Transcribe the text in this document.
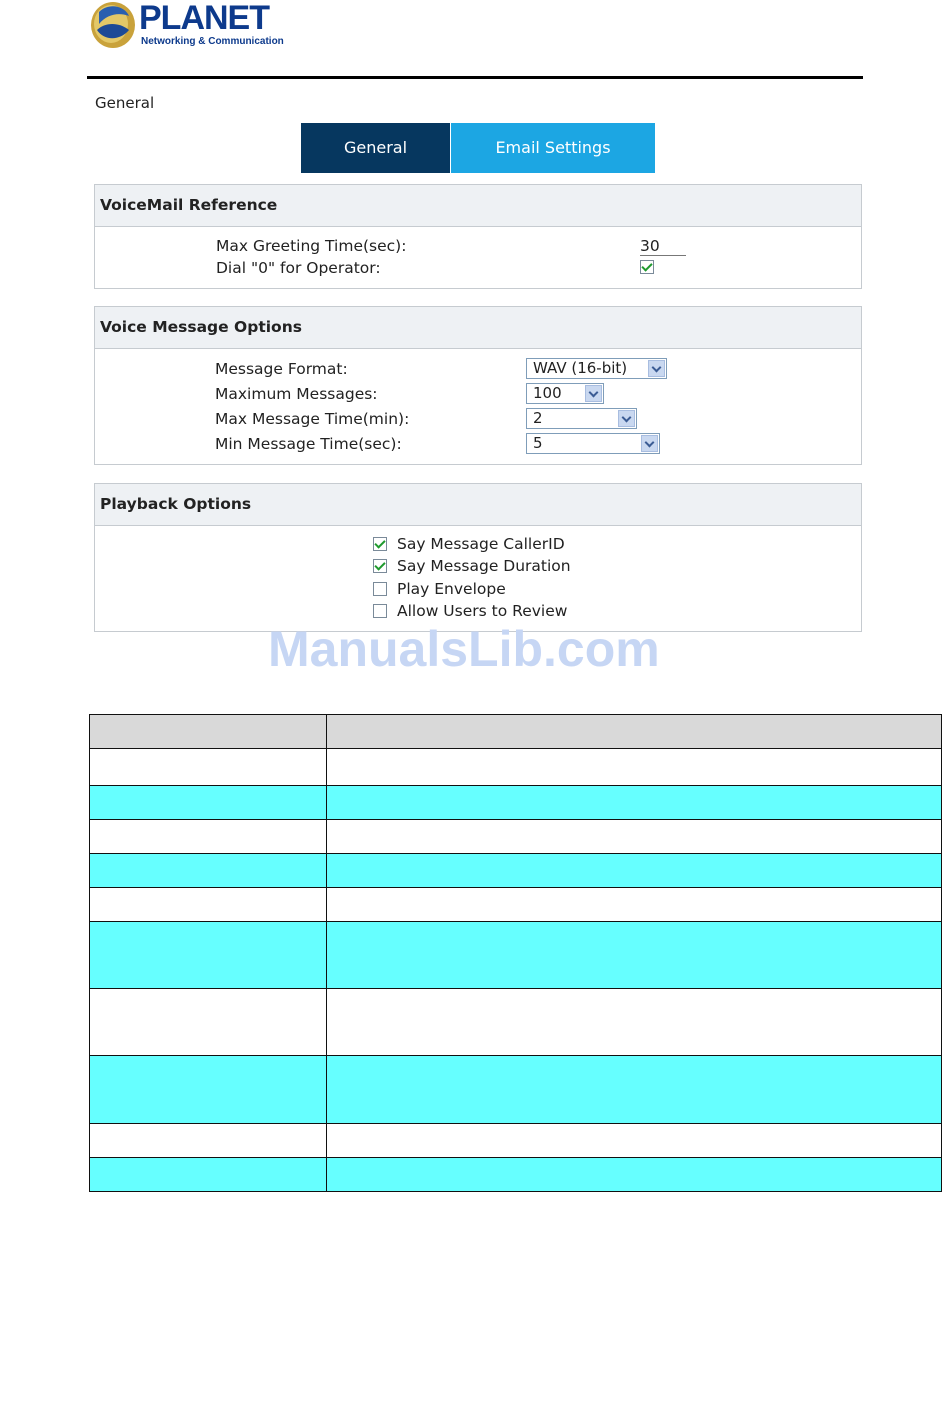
PLANET
Networking & Communication
General
General	Email Settings
VoiceMail Reference
Max Greeting Time(sec):	30
Dial "0" for Operator:
Voice Message Options
Message Format:	WAV (16-bit)
Maximum Messages:	100
Max Message Time(min):	2
Min Message Time(sec):	5
Playback Options
Say Message CallerID
Say Message Duration
Play Envelope
Allow Users to Review
ManualsLib.com
